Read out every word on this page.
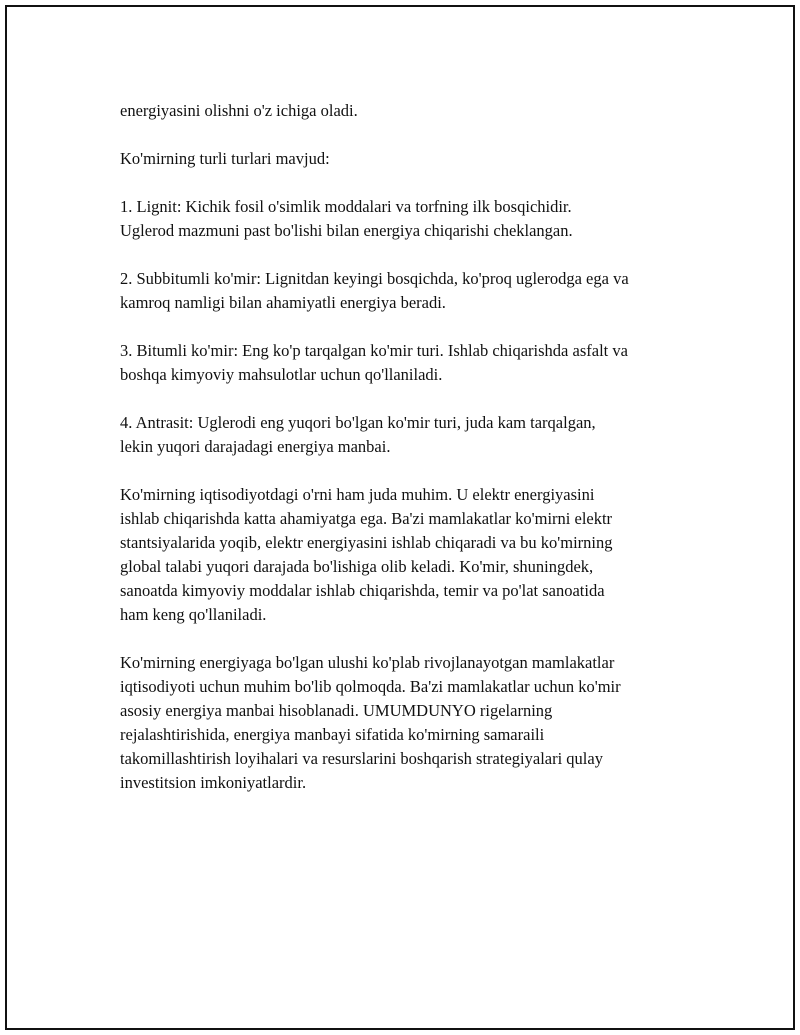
energiyasini olishni o'z ichiga oladi.

Ko'mirning turli turlari mavjud:

1. Lignit: Kichik fosil o'simlik moddalari va torfning ilk bosqichidir.
Uglerod mazmuni past bo'lishi bilan energiya chiqarishi cheklangan.

2. Subbitumli ko'mir: Lignitdan keyingi bosqichda, ko'proq uglerodga ega va
kamroq namligi bilan ahamiyatli energiya beradi.

3. Bitumli ko'mir: Eng ko'p tarqalgan ko'mir turi. Ishlab chiqarishda asfalt va
boshqa kimyoviy mahsulotlar uchun qo'llaniladi.

4. Antrasit: Uglerodi eng yuqori bo'lgan ko'mir turi, juda kam tarqalgan,
lekin yuqori darajadagi energiya manbai.

Ko'mirning iqtisodiyotdagi o'rni ham juda muhim. U elektr energiyasini
ishlab chiqarishda katta ahamiyatga ega. Ba'zi mamlakatlar ko'mirni elektr
stantsiyalarida yoqib, elektr energiyasini ishlab chiqaradi va bu ko'mirning
global talabi yuqori darajada bo'lishiga olib keladi. Ko'mir, shuningdek,
sanoatda kimyoviy moddalar ishlab chiqarishda, temir va po'lat sanoatida
ham keng qo'llaniladi.

Ko'mirning energiyaga bo'lgan ulushi ko'plab rivojlanayotgan mamlakatlar
iqtisodiyoti uchun muhim bo'lib qolmoqda. Ba'zi mamlakatlar uchun ko'mir
asosiy energiya manbai hisoblanadi. UMUMDUNYO rigelarning
rejalashtirishida, energiya manbayi sifatida ko'mirning samaraili
takomillashtirish loyihalari va resurslarini boshqarish strategiyalari qulay
investitsion imkoniyatlardir.
